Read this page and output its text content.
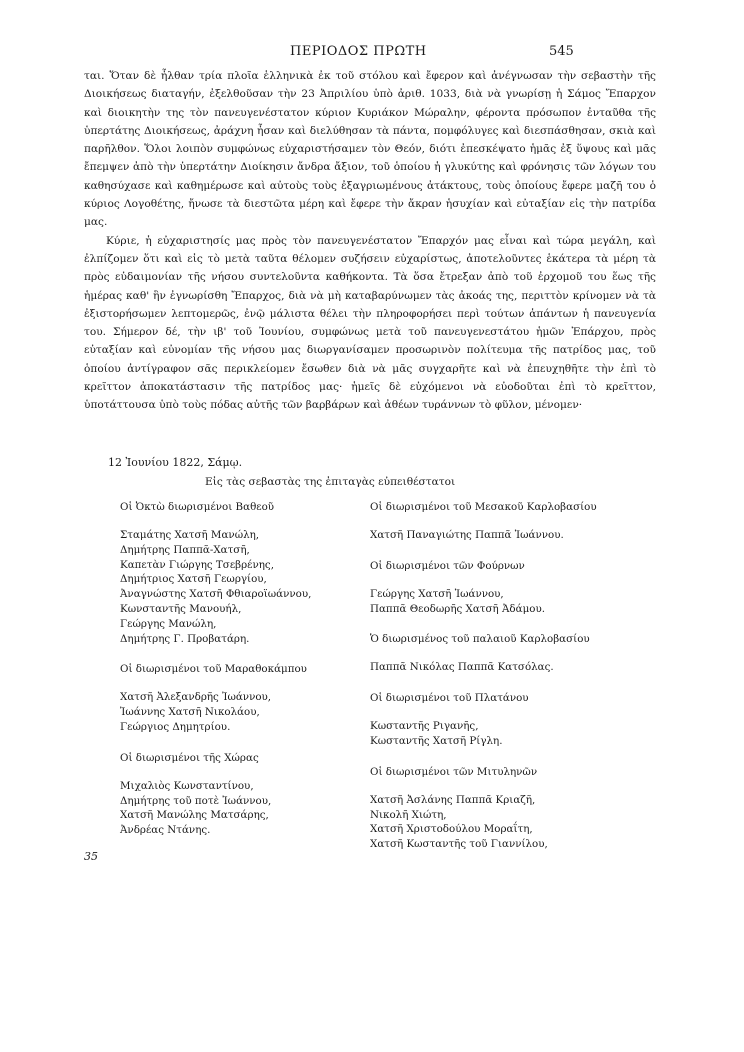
ΠΕΡΙΟΔΟΣ ΠΡΩΤΗ	545

ται. Ὅταν δὲ ἦλθαν τρία πλοῖα ἑλληνικὰ ἐκ τοῦ στόλου καὶ ἔφερον καὶ ἀνέγνωσαν τὴν σεβαστὴν τῆς Διοικήσεως διαταγήν, ἐξελθοῦσαν τὴν 23 Ἀπριλίου ὑπὸ ἀριθ. 1033, διὰ νὰ γνωρίσῃ ἡ Σάμος Ἔπαρχον καὶ διοικητὴν της τὸν πανευγενέστατον κύριον Κυριάκον Μώραλην, φέροντα πρόσωπον ἐνταῦθα τῆς ὑπερτάτης Διοικήσεως, ἀράχνη ἦσαν καὶ διελύθησαν τὰ πάντα, πομφόλυγες καὶ διεσπάσθησαν, σκιὰ καὶ παρῆλθον. Ὅλοι λοιπὸν συμφώνως εὐχαριστήσαμεν τὸν Θεόν, διότι ἐπεσκέψατο ἡμᾶς ἐξ ὕψους καὶ μᾶς ἔπεμψεν ἀπὸ τὴν ὑπερτάτην Διοίκησιν ἄνδρα ἄξιον, τοῦ ὁποίου ἡ γλυκύτης καὶ φρόνησις τῶν λόγων του καθησύχασε καὶ καθημέρωσε καὶ αὐτοὺς τοὺς ἐξαγριωμένους ἀτάκτους, τοὺς ὁποίους ἔφερε μαζῆ του ὁ κύριος Λογοθέτης, ἤνωσε τὰ διεστῶτα μέρη καὶ ἔφερε τὴν ἄκραν ἡσυχίαν καὶ εὐταξίαν εἰς τὴν πατρίδα μας.

Κύριε, ἡ εὐχαριστησίς μας πρὸς τὸν πανευγενέστατον Ἔπαρχόν μας εἶναι καὶ τώρα μεγάλη, καὶ ἐλπίζομεν ὅτι καὶ εἰς τὸ μετὰ ταῦτα θέλομεν συζήσειν εὐχαρίστως, ἀποτελοῦντες ἑκάτερα τὰ μέρη τὰ πρὸς εὐδαιμονίαν τῆς νήσου συντελοῦντα καθήκοντα. Τὰ ὅσα ἔτρεξαν ἀπὸ τοῦ ἐρχομοῦ του ἕως τῆς ἡμέρας καθ' ἣν ἐγνωρίσθη Ἔπαρχος, διὰ νὰ μὴ καταβαρύνωμεν τὰς ἀκοάς της, περιττὸν κρίνομεν νὰ τὰ ἐξιστορήσωμεν λεπτομερῶς, ἐνῷ μάλιστα θέλει τὴν πληροφορήσει περὶ τούτων ἁπάντων ἡ πανευγενία του. Σήμερον δέ, τὴν ιβ' τοῦ Ἰουνίου, συμφώνως μετὰ τοῦ πανευγενεστάτου ἡμῶν Ἐπάρχου, πρὸς εὐταξίαν καὶ εὐνομίαν τῆς νήσου μας διωργανίσαμεν προσωρινὸν πολίτευμα τῆς πατρίδος μας, τοῦ ὁποίου ἀντίγραφον σᾶς περικλείομεν ἔσωθεν διὰ νὰ μᾶς συγχαρῆτε καὶ νὰ ἐπευχηθῆτε τὴν ἐπὶ τὸ κρεῖττον ἀποκατάστασιν τῆς πατρίδος μας· ἡμεῖς δὲ εὐχόμενοι νὰ εὐοδοῦται ἐπὶ τὸ κρεῖττον, ὑποτάττουσα ὑπὸ τοὺς πόδας αὐτῆς τῶν βαρβάρων καὶ ἀθέων τυράννων τὸ φῦλον, μένομεν·

12 Ἰουνίου 1822, Σάμῳ.
Εἰς τὰς σεβαστὰς της ἐπιταγὰς εὐπειθέστατοι
Οἱ Ὀκτὼ διωρισμένοι Βαθεοῦ
Σταμάτης Χατσῆ Μανώλη,
Δημήτρης Παππᾶ-Χατσῆ,
Καπετὰν Γιώργης Τσεβρένης,
Δημήτριος Χατσῆ Γεωργίου,
Ἀναγνώστης Χατσῆ Φθιαροϊωάννου,
Κωνσταντῆς Μανουήλ,
Γεώργης Μανώλη,
Δημήτρης Γ. Προβατάρη.
Οἱ διωρισμένοι τοῦ Μαραθοκάμπου
Χατσῆ Ἀλεξανδρῆς Ἰωάννου,
Ἰωάννης Χατσῆ Νικολάου,
Γεώργιος Δημητρίου.
Οἱ διωρισμένοι τῆς Χώρας
Μιχαλιὸς Κωνσταντίνου,
Δημήτρης τοῦ ποτὲ Ἰωάννου,
Χατσῆ Μανώλης Ματσάρης,
Ἀνδρέας Ντάνης.
Οἱ διωρισμένοι τοῦ Μεσακοῦ Καρλοβασίου
Χατσῆ Παναγιώτης Παππᾶ Ἰωάννου.
Οἱ διωρισμένοι τῶν Φούρνων
Γεώργης Χατσῆ Ἰωάννου,
Παππᾶ Θεοδωρῆς Χατσῆ Ἀδάμου.
Ὁ διωρισμένος τοῦ παλαιοῦ Καρλοβασίου
Παππᾶ Νικόλας Παππᾶ Κατσόλας.
Οἱ διωρισμένοι τοῦ Πλατάνου
Κωσταντῆς Ριγανῆς,
Κωσταντῆς Χατσῆ Ρίγλη.
Οἱ διωρισμένοι τῶν Μιτυληνῶν
Χατσῆ Ἀσλάνης Παππᾶ Κριαζῆ,
Νικολῆ Χιώτη,
Χατσῆ Χριστοδούλου Μοραΐτη,
Χατσῆ Κωσταντῆς τοῦ Γιαννίλου,
35
